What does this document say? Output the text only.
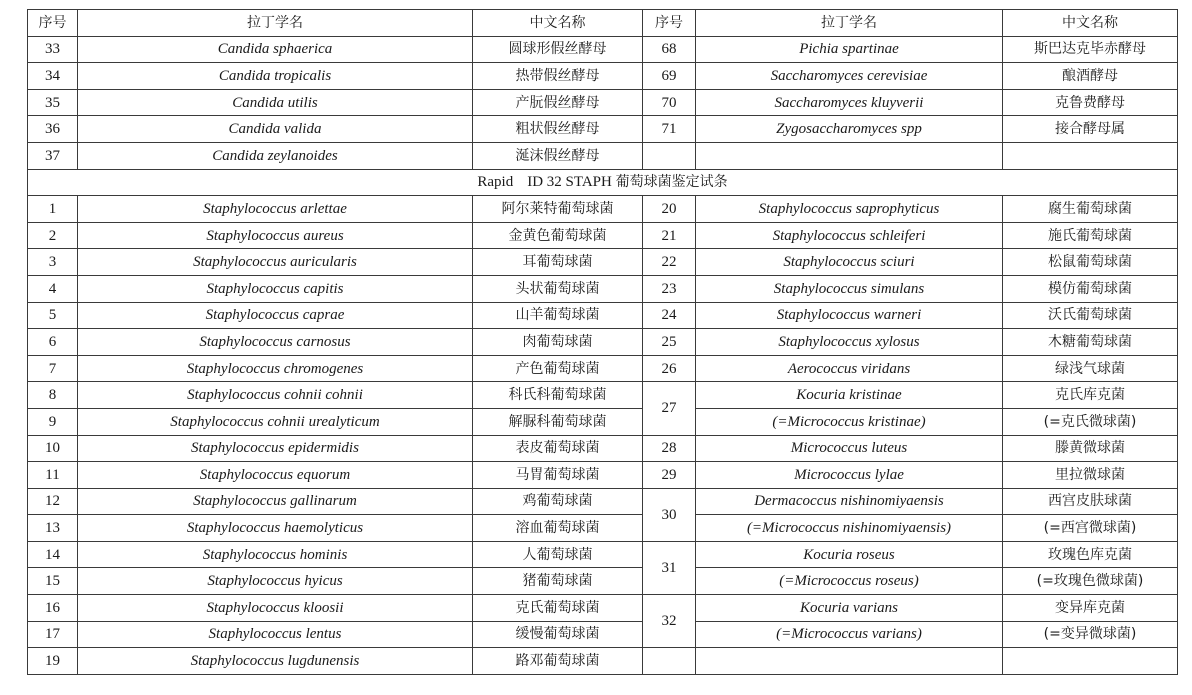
序号	拉丁学名	中文名称	序号	拉丁学名	中文名称
33	Candida sphaerica	圆球形假丝酵母	68	Pichia spartinae	斯巴达克毕赤酵母
34	Candida tropicalis	热带假丝酵母	69	Saccharomyces cerevisiae	酿酒酵母
35	Candida utilis	产朊假丝酵母	70	Saccharomyces kluyverii	克鲁费酵母
36	Candida valida	粗状假丝酵母	71	Zygosaccharomyces spp	接合酵母属
37	Candida zeylanoides	涎沫假丝酵母			
Rapid ID 32 STAPH 葡萄球菌鉴定试条					
1	Staphylococcus arlettae	阿尔莱特葡萄球菌	20	Staphylococcus saprophyticus	腐生葡萄球菌
2	Staphylococcus aureus	金黄色葡萄球菌	21	Staphylococcus schleiferi	施氏葡萄球菌
3	Staphylococcus auricularis	耳葡萄球菌	22	Staphylococcus sciuri	松鼠葡萄球菌
4	Staphylococcus capitis	头状葡萄球菌	23	Staphylococcus simulans	模仿葡萄球菌
5	Staphylococcus caprae	山羊葡萄球菌	24	Staphylococcus warneri	沃氏葡萄球菌
6	Staphylococcus carnosus	肉葡萄球菌	25	Staphylococcus xylosus	木糖葡萄球菌
7	Staphylococcus chromogenes	产色葡萄球菌	26	Aerococcus viridans	绿浅气球菌
8	Staphylococcus cohnii cohnii	科氏科葡萄球菌	27	Kocuria kristinae	克氏库克菌
9	Staphylococcus cohnii urealyticum	解脲科葡萄球菌		(=Micrococcus kristinae)	(=克氏微球菌)
10	Staphylococcus epidermidis	表皮葡萄球菌	28	Micrococcus luteus	滕黄微球菌
11	Staphylococcus equorum	马胃葡萄球菌	29	Micrococcus lylae	里拉微球菌
12	Staphylococcus gallinarum	鸡葡萄球菌	30	Dermacoccus nishinomiyaensis	西宫皮肤球菌
13	Staphylococcus haemolyticus	溶血葡萄球菌		(=Micrococcus nishinomiyaensis)	(=西宫微球菌)
14	Staphylococcus hominis	人葡萄球菌	31	Kocuria roseus	玫瑰色库克菌
15	Staphylococcus hyicus	猪葡萄球菌		(=Micrococcus roseus)	(=玫瑰色微球菌)
16	Staphylococcus kloosii	克氏葡萄球菌	32	Kocuria varians	变异库克菌
17	Staphylococcus lentus	缓慢葡萄球菌		(=Micrococcus varians)	(=变异微球菌)
19	Staphylococcus lugdunensis	路邓葡萄球菌			
